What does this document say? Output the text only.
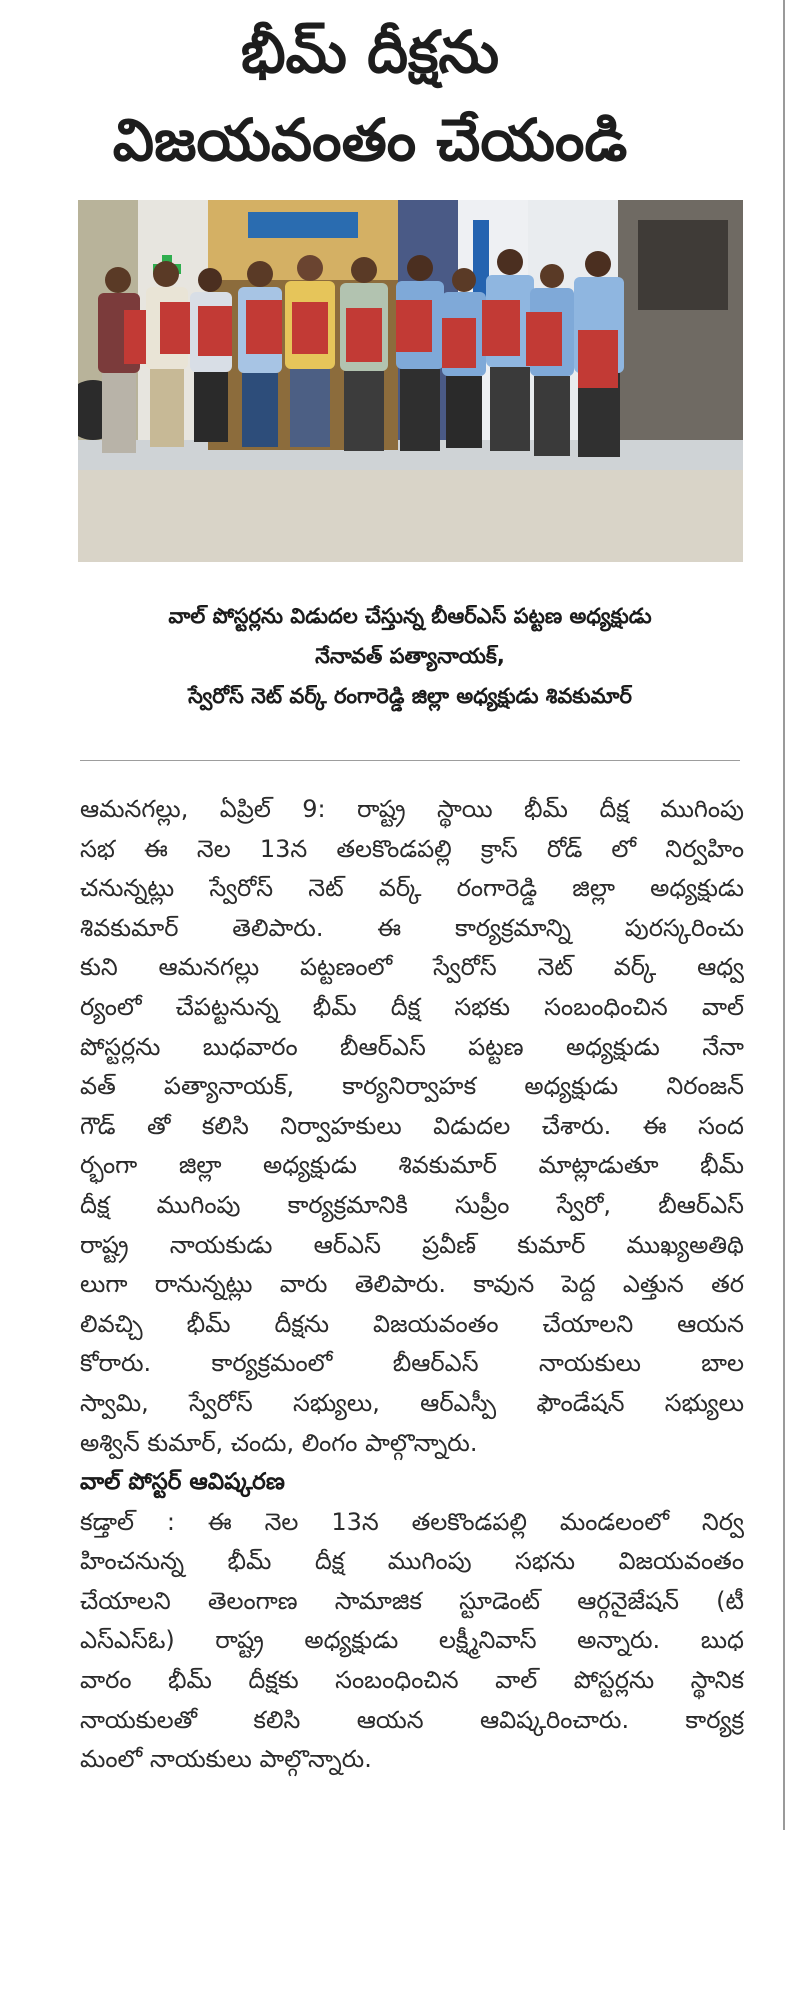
భీమ్ దీక్షను
విజయవంతం చేయండి
వాల్ పోస్టర్లను విడుదల చేస్తున్న బీఆర్ఎస్ పట్టణ అధ్యక్షుడు
నేనావత్ పత్యానాయక్,
స్వేరోస్ నెట్ వర్క్ రంగారెడ్డి జిల్లా అధ్యక్షుడు శివకుమార్
ఆమనగల్లు, ఏప్రిల్ 9: రాష్ట్ర స్థాయి భీమ్ దీక్ష ముగింపు
సభ ఈ నెల 13న తలకొండపల్లి క్రాస్ రోడ్ లో నిర్వహిం
చనున్నట్లు స్వేరోస్ నెట్ వర్క్ రంగారెడ్డి జిల్లా అధ్యక్షుడు
శివకుమార్ తెలిపారు. ఈ కార్యక్రమాన్ని పురస్కరించు
కుని ఆమనగల్లు పట్టణంలో స్వేరోస్ నెట్ వర్క్ ఆధ్వ
ర్యంలో చేపట్టనున్న భీమ్ దీక్ష సభకు సంబంధించిన వాల్
పోస్టర్లను బుధవారం బీఆర్ఎస్ పట్టణ అధ్యక్షుడు నేనా
వత్ పత్యానాయక్, కార్యనిర్వాహక అధ్యక్షుడు నిరంజన్
గౌడ్ తో కలిసి నిర్వాహకులు విడుదల చేశారు. ఈ సంద
ర్భంగా జిల్లా అధ్యక్షుడు శివకుమార్ మాట్లాడుతూ భీమ్
దీక్ష ముగింపు కార్యక్రమానికి సుప్రీం స్వేరో, బీఆర్ఎస్
రాష్ట్ర నాయకుడు ఆర్ఎస్ ప్రవీణ్ కుమార్ ముఖ్యఅతిథి
లుగా రానున్నట్లు వారు తెలిపారు. కావున పెద్ద ఎత్తున తర
లివచ్చి భీమ్ దీక్షను విజయవంతం చేయాలని ఆయన
కోరారు. కార్యక్రమంలో బీఆర్ఎస్ నాయకులు బాల
స్వామి, స్వేరోస్ సభ్యులు, ఆర్ఎస్పీ ఫౌండేషన్ సభ్యులు
అశ్విన్ కుమార్, చందు, లింగం పాల్గొన్నారు.
వాల్ పోస్టర్ ఆవిష్కరణ
కడ్తాల్ : ఈ నెల 13న తలకొండపల్లి మండలంలో నిర్వ
హించనున్న భీమ్ దీక్ష ముగింపు సభను విజయవంతం
చేయాలని తెలంగాణ సామాజిక స్టూడెంట్ ఆర్గనైజేషన్ (టీ
ఎస్ఎస్ఓ) రాష్ట్ర అధ్యక్షుడు లక్ష్మీనివాస్ అన్నారు. బుధ
వారం భీమ్ దీక్షకు సంబంధించిన వాల్ పోస్టర్లను స్థానిక
నాయకులతో కలిసి ఆయన ఆవిష్కరించారు. కార్యక్ర
మంలో నాయకులు పాల్గొన్నారు.
